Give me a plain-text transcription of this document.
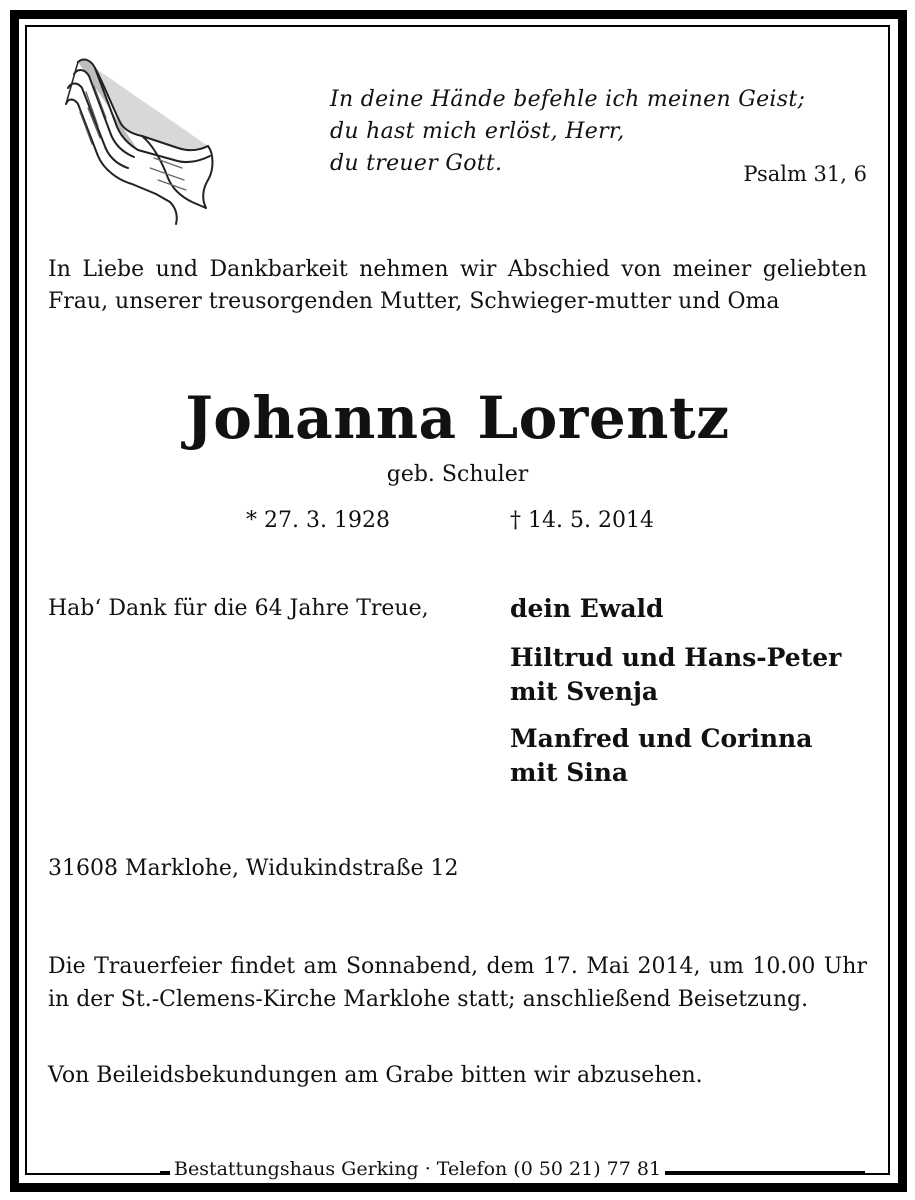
In deine Hände befehle ich meinen Geist;
du hast mich erlöst, Herr,
du treuer Gott.	Psalm 31, 6
In Liebe und Dankbarkeit nehmen wir Abschied von meiner geliebten Frau, unserer treusorgenden Mutter, Schwieger-mutter und Oma
Johanna Lorentz
geb. Schuler
* 27. 3. 1928	† 14. 5. 2014
Hab‘ Dank für die 64 Jahre Treue,	dein Ewald
Hiltrud und Hans-Peter
mit Svenja
Manfred und Corinna
mit Sina
31608 Marklohe, Widukindstraße 12
Die Trauerfeier findet am Sonnabend, dem 17. Mai 2014, um 10.00 Uhr in der St.-Clemens-Kirche Marklohe statt; anschließend Beisetzung.
Von Beileidsbekundungen am Grabe bitten wir abzusehen.
Bestattungshaus Gerking · Telefon (0 50 21) 77 81
